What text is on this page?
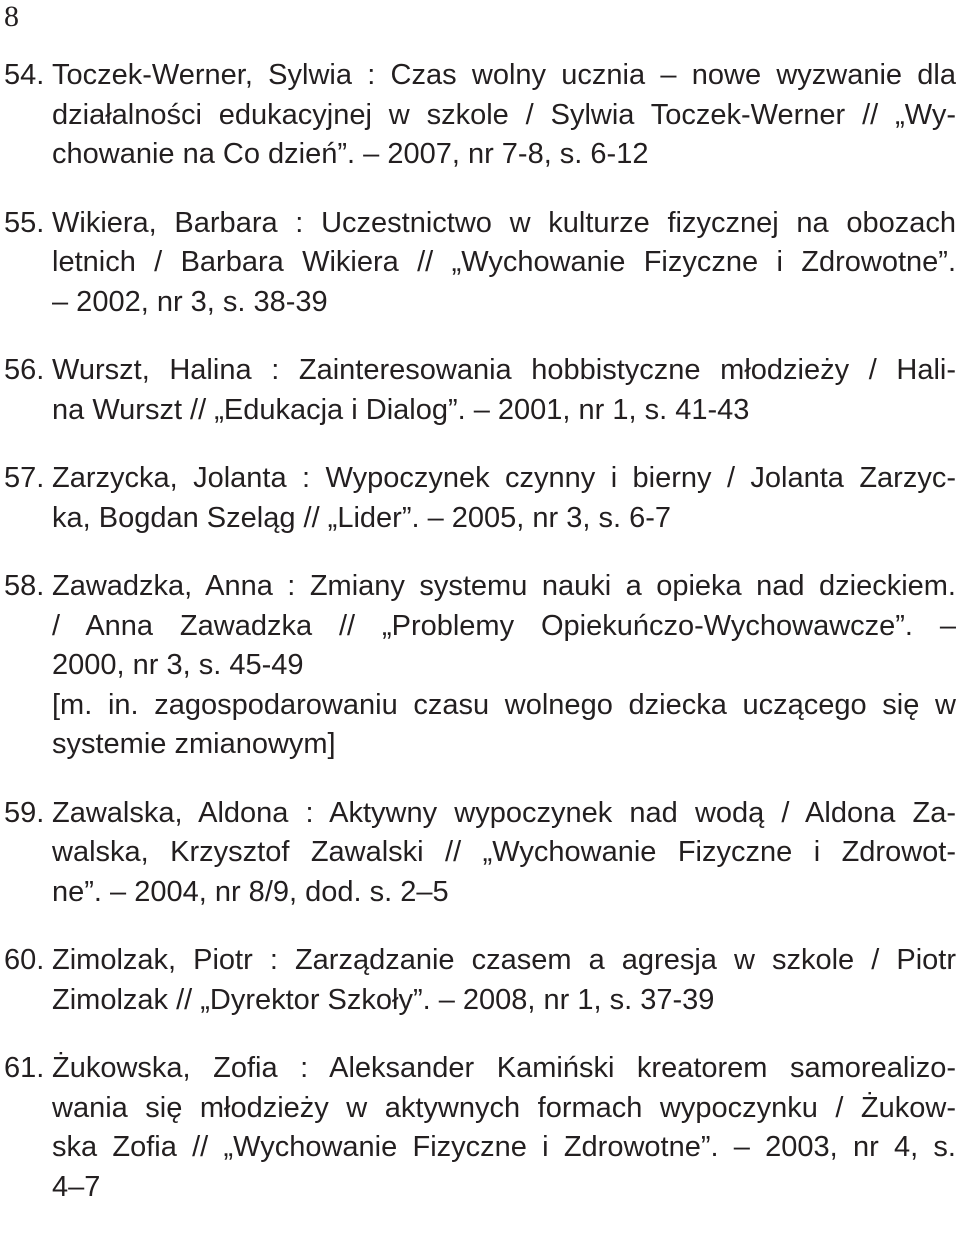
8
54. Toczek-Werner, Sylwia : Czas wolny ucznia – nowe wyzwanie dla
działalności edukacyjnej w szkole / Sylwia Toczek-Werner // „Wy-
chowanie na Co dzień”. – 2007, nr 7-8, s. 6-12
55. Wikiera, Barbara : Uczestnictwo w kulturze fizycznej na obozach
letnich / Barbara Wikiera // „Wychowanie Fizyczne i Zdrowotne”.
– 2002, nr 3, s. 38-39
56. Wurszt, Halina : Zainteresowania hobbistyczne młodzieży / Hali-
na Wurszt // „Edukacja i Dialog”. – 2001, nr 1, s. 41-43
57. Zarzycka, Jolanta : Wypoczynek czynny i bierny / Jolanta Zarzyc-
ka, Bogdan Szeląg // „Lider”. – 2005, nr 3, s. 6-7
58. Zawadzka, Anna : Zmiany systemu nauki a opieka nad dzieckiem.
/ Anna Zawadzka // „Problemy Opiekuńczo-Wychowawcze”. –
2000, nr 3, s. 45-49
[m. in. zagospodarowaniu czasu wolnego dziecka uczącego się w
systemie zmianowym]
59. Zawalska, Aldona : Aktywny wypoczynek nad wodą / Aldona Za-
walska, Krzysztof Zawalski // „Wychowanie Fizyczne i Zdrowot-
ne”. – 2004, nr 8/9, dod. s. 2–5
60. Zimolzak, Piotr : Zarządzanie czasem a agresja w szkole / Piotr
Zimolzak // „Dyrektor Szkoły”. – 2008, nr 1, s. 37-39
61. Żukowska, Zofia : Aleksander Kamiński kreatorem samorealizo-
wania się młodzieży w aktywnych formach wypoczynku / Żukow-
ska Zofia // „Wychowanie Fizyczne i Zdrowotne”. – 2003, nr 4, s.
4–7
